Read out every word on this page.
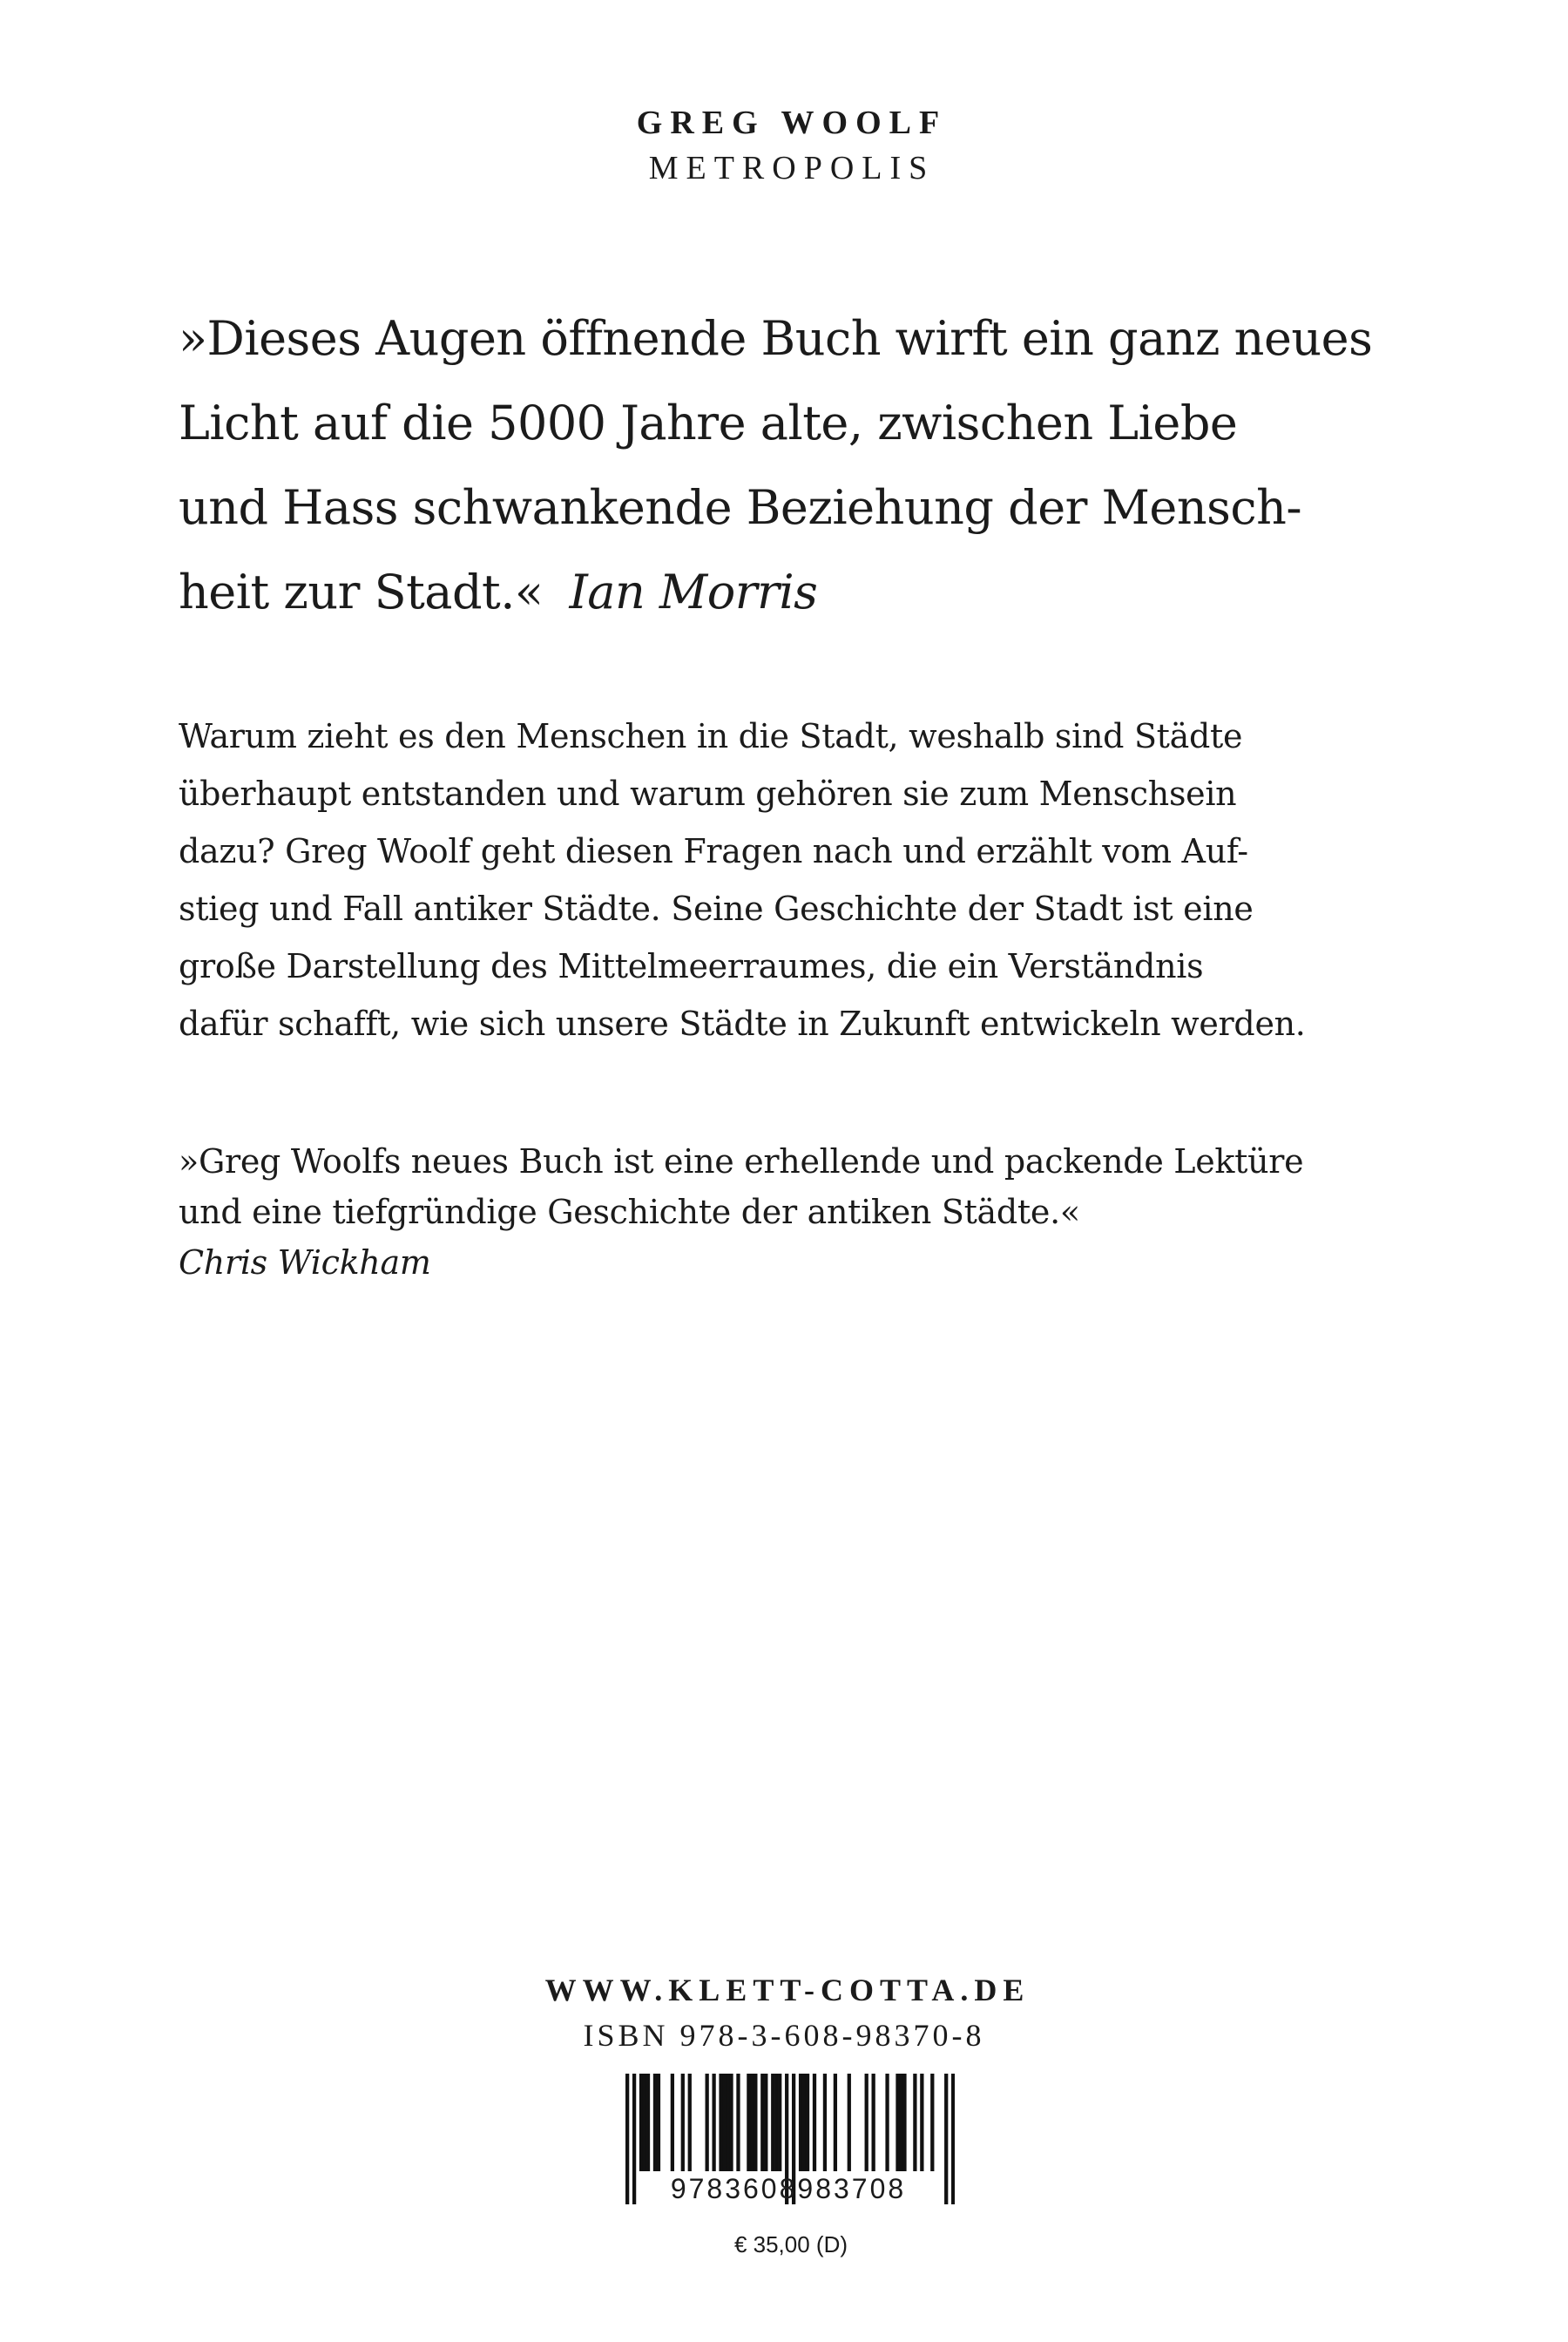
GREG WOOLF
METROPOLIS
»Dieses Augen öffnende Buch wirft ein ganz neues
Licht auf die 5000 Jahre alte, zwischen Liebe
und Hass schwankende Beziehung der Mensch-
heit zur Stadt.« Ian Morris
Warum zieht es den Menschen in die Stadt, weshalb sind Städte
überhaupt entstanden und warum gehören sie zum Menschsein
dazu? Greg Woolf geht diesen Fragen nach und erzählt vom Auf-
stieg und Fall antiker Städte. Seine Geschichte der Stadt ist eine
große Darstellung des Mittelmeerraumes, die ein Verständnis
dafür schafft, wie sich unsere Städte in Zukunft entwickeln werden.
»Greg Woolfs neues Buch ist eine erhellende und packende Lektüre
und eine tiefgründige Geschichte der antiken Städte.«
Chris Wickham
WWW.KLETT-COTTA.DE
ISBN 978-3-608-98370-8
9783608983708
€ 35,00 (D)
